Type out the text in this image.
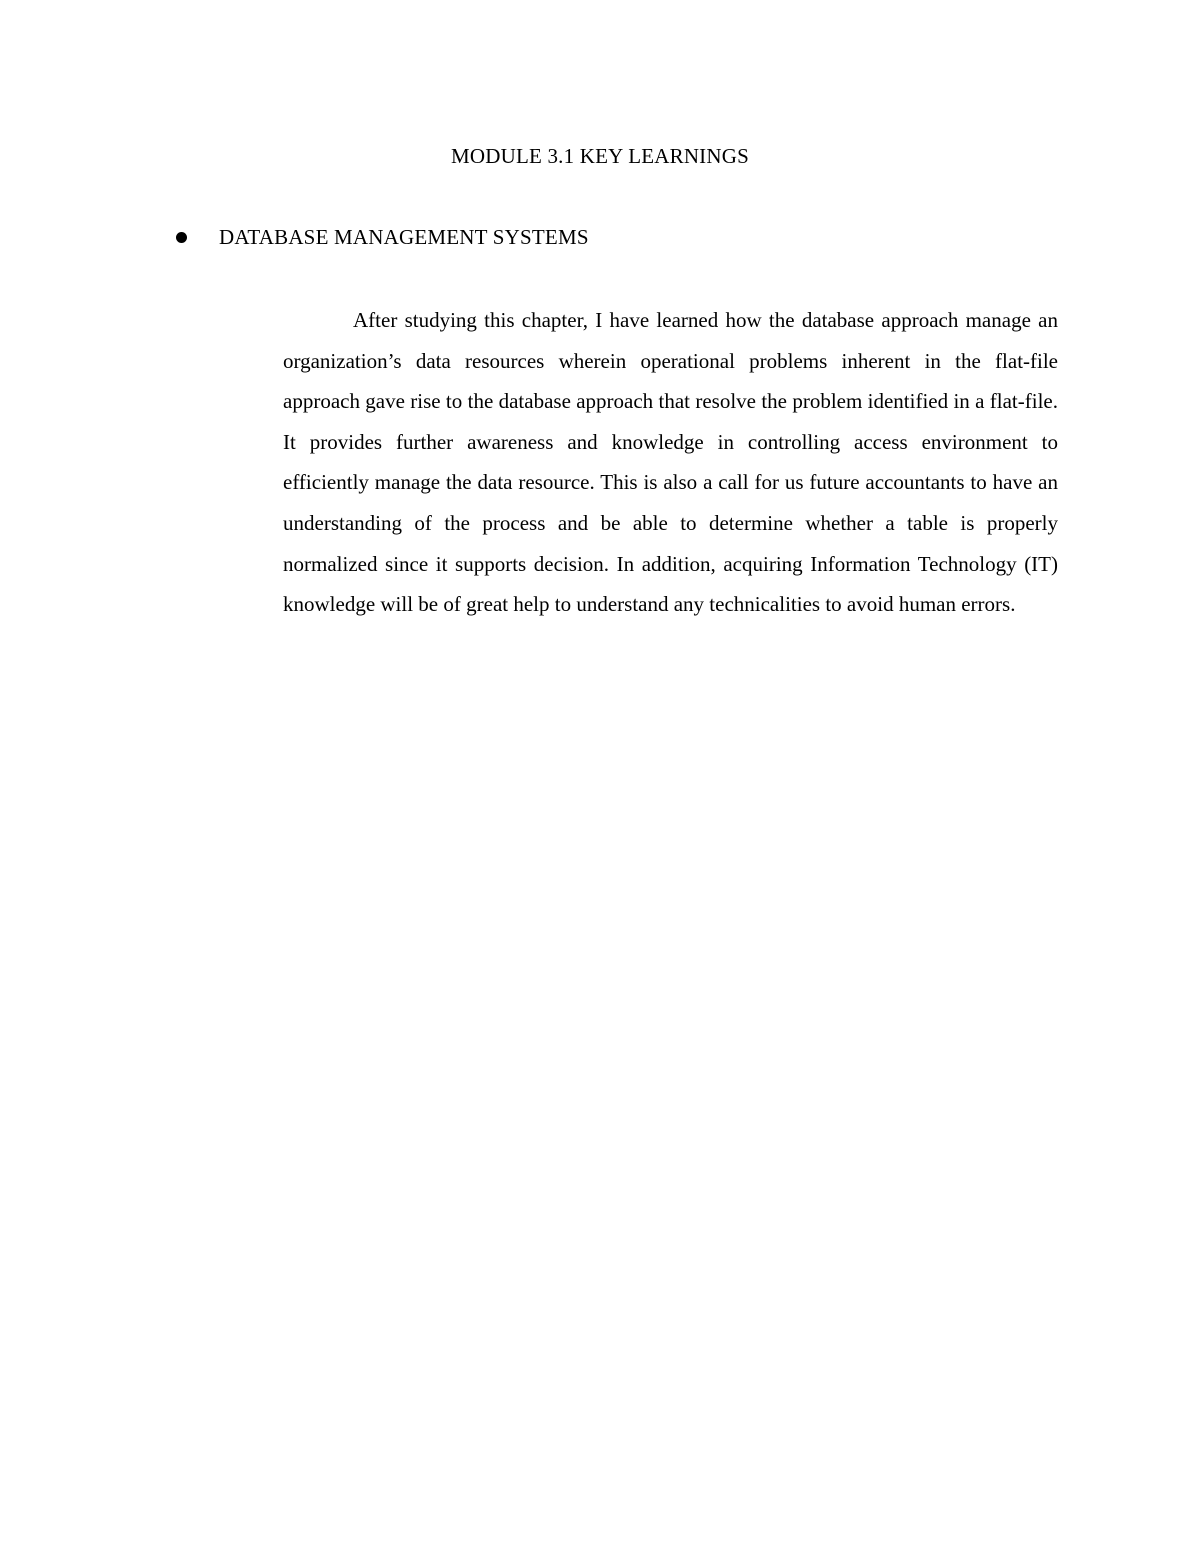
MODULE 3.1 KEY LEARNINGS
DATABASE MANAGEMENT SYSTEMS

After studying this chapter, I have learned how the database approach manage an organization’s data resources wherein operational problems inherent in the flat-file approach gave rise to the database approach that resolve the problem identified in a flat-file. It provides further awareness and knowledge in controlling access environment to efficiently manage the data resource. This is also a call for us future accountants to have an understanding of the process and be able to determine whether a table is properly normalized since it supports decision. In addition, acquiring Information Technology (IT) knowledge will be of great help to understand any technicalities to avoid human errors.
